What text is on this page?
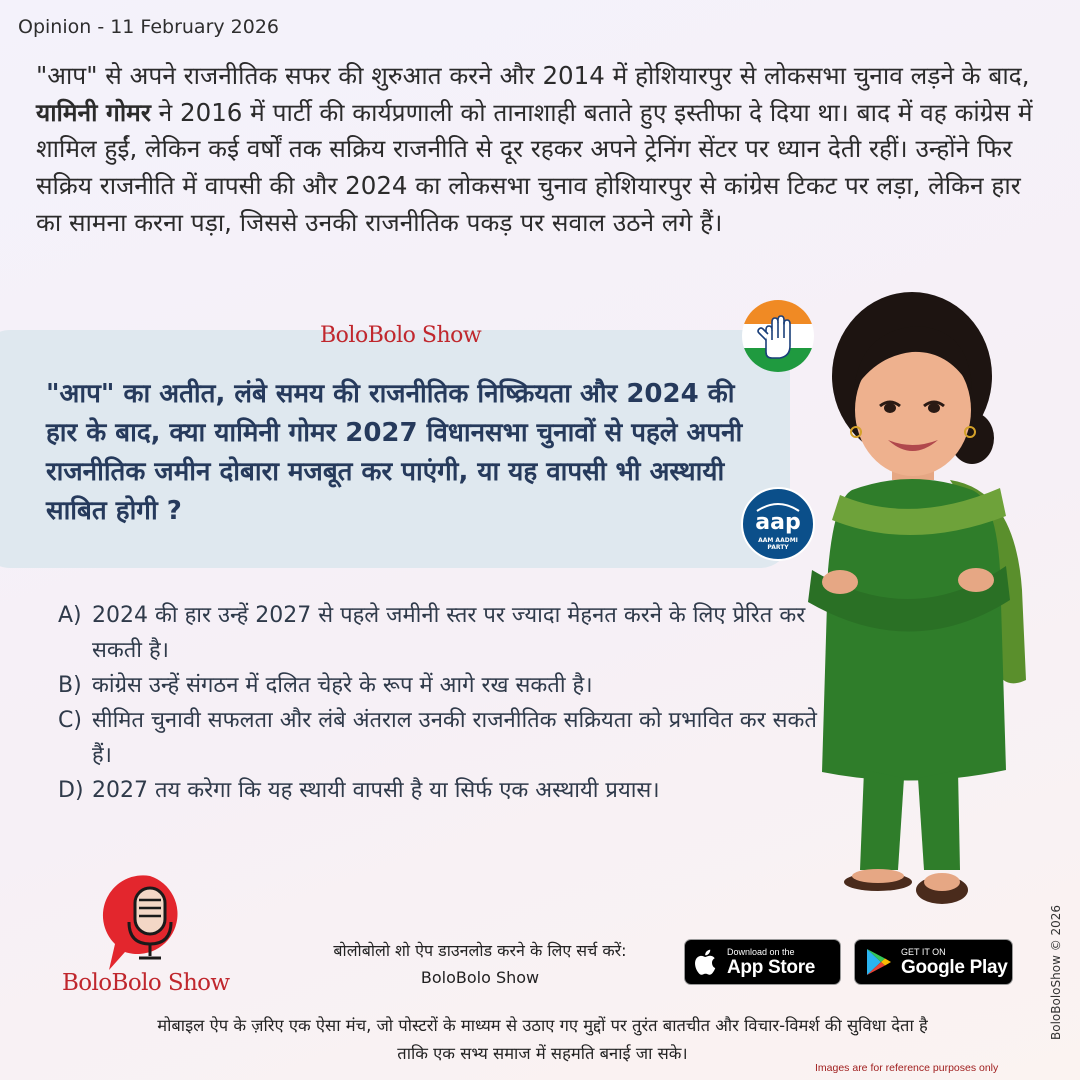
Opinion - 11 February 2026
"आप" से अपने राजनीतिक सफर की शुरुआत करने और 2014 में होशियारपुर से लोकसभा चुनाव लड़ने के बाद, यामिनी गोमर ने 2016 में पार्टी की कार्यप्रणाली को तानाशाही बताते हुए इस्तीफा दे दिया था। बाद में वह कांग्रेस में शामिल हुईं, लेकिन कई वर्षों तक सक्रिय राजनीति से दूर रहकर अपने ट्रेनिंग सेंटर पर ध्यान देती रहीं। उन्होंने फिर सक्रिय राजनीति में वापसी की और 2024 का लोकसभा चुनाव होशियारपुर से कांग्रेस टिकट पर लड़ा, लेकिन हार का सामना करना पड़ा, जिससे उनकी राजनीतिक पकड़ पर सवाल उठने लगे हैं।
BoloBolo Show
"आप" का अतीत, लंबे समय की राजनीतिक निष्क्रियता और 2024 की हार के बाद, क्या यामिनी गोमर 2027 विधानसभा चुनावों से पहले अपनी राजनीतिक जमीन दोबारा मजबूत कर पाएंगी, या यह वापसी भी अस्थायी साबित होगी ?	aap
AAM AADMI
PARTY

A) 2024 की हार उन्हें 2027 से पहले जमीनी स्तर पर ज्यादा मेहनत करने के लिए प्रेरित कर सकती है।

B) कांग्रेस उन्हें संगठन में दलित चेहरे के रूप में आगे रख सकती है।

C) सीमित चुनावी सफलता और लंबे अंतराल उनकी राजनीतिक सक्रियता को प्रभावित कर सकते हैं।

D) 2027 तय करेगा कि यह स्थायी वापसी है या सिर्फ एक अस्थायी प्रयास।

BoloBolo Show
बोलोबोलो शो ऐप डाउनलोड करने के लिए सर्च करें:
BoloBolo Show
Download on the
App Store
GET IT ON
Google Play
मोबाइल ऐप के ज़रिए एक ऐसा मंच, जो पोस्टरों के माध्यम से उठाए गए मुद्दों पर तुरंत बातचीत और विचार-विमर्श की सुविधा देता है
ताकि एक सभ्य समाज में सहमति बनाई जा सके।
BoloBoloShow © 2026
Images are for reference purposes only
